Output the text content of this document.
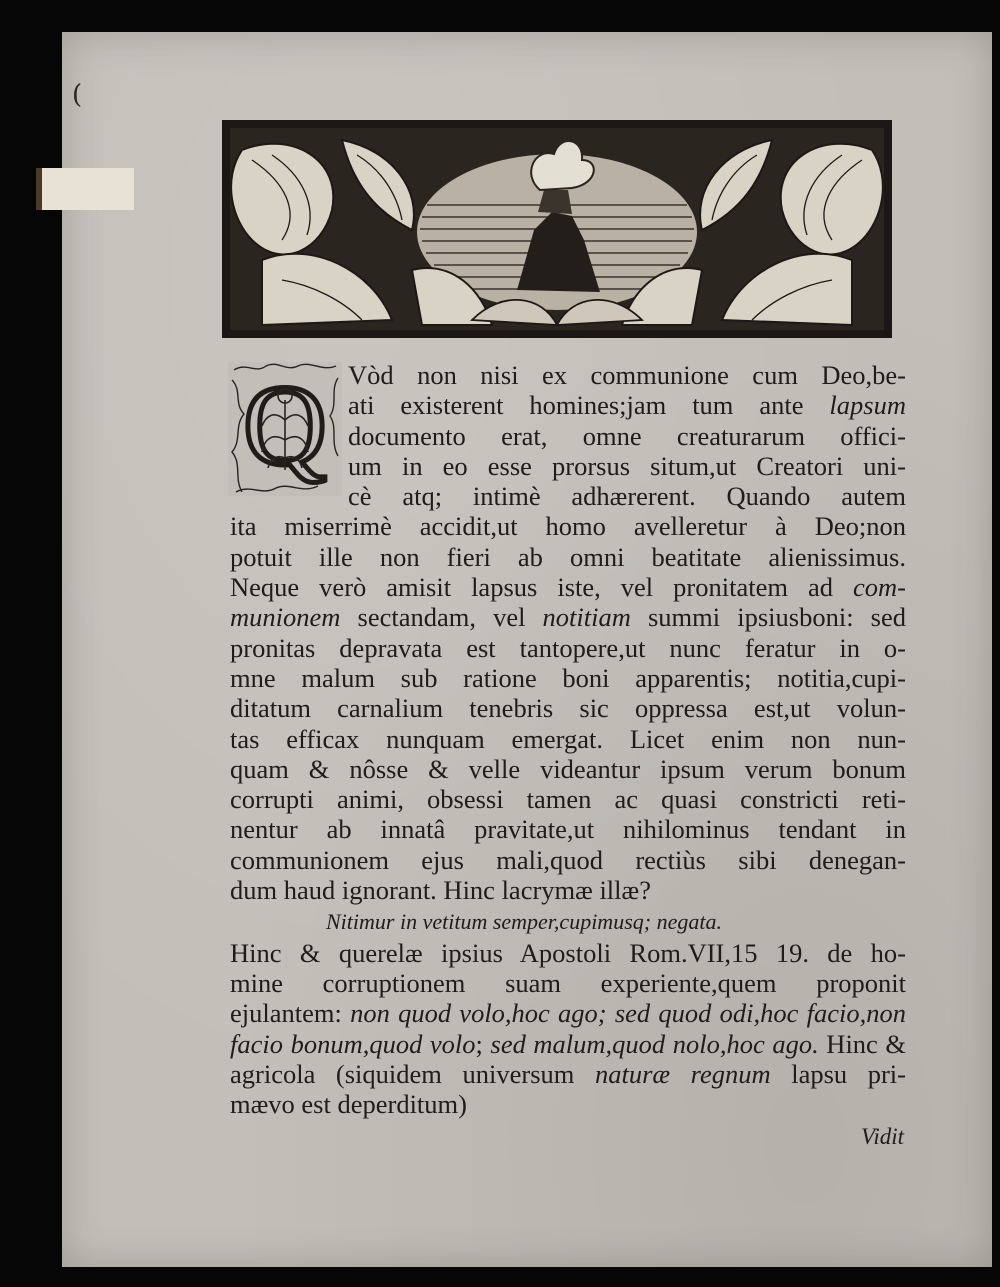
(
Q Vòd non nisi ex communione cum Deo,be-
ati existerent homines;jam tum ante lapsum
documento erat, omne creaturarum offici-
um in eo esse prorsus situm,ut Creatori uni-
cè atq; intimè adhærerent. Quando autem
ita miserrimè accidit,ut homo avelleretur à Deo;non
potuit ille non fieri ab omni beatitate alienissimus.
Neque verò amisit lapsus iste, vel pronitatem ad com-
munionem sectandam, vel notitiam summi ipsiusboni: sed
pronitas depravata est tantopere,ut nunc feratur in o-
mne malum sub ratione boni apparentis; notitia,cupi-
ditatum carnalium tenebris sic oppressa est,ut volun-
tas efficax nunquam emergat. Licet enim non nun-
quam & nôsse & velle videantur ipsum verum bonum
corrupti animi, obsessi tamen ac quasi constricti reti-
nentur ab innatâ pravitate,ut nihilominus tendant in
communionem ejus mali,quod rectiùs sibi denegan-
dum haud ignorant. Hinc lacrymæ illæ?
Nitimur in vetitum semper,cupimusq; negata.
Hinc & querelæ ipsius Apostoli Rom.VII,15 19. de ho-
mine corruptionem suam experiente,quem proponit
ejulantem: non quod volo,hoc ago; sed quod odi,hoc facio,non
facio bonum,quod volo; sed malum,quod nolo,hoc ago. Hinc &
agricola (siquidem universum naturæ regnum lapsu pri-
mævo est deperditum)
Vidit
